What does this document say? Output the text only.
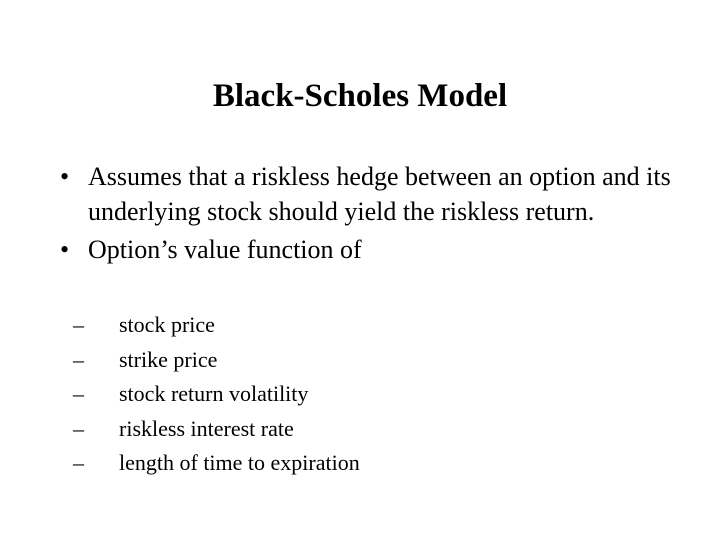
Black-Scholes Model
• Assumes that a riskless hedge between an option and its underlying stock should yield the riskless return.
• Option’s value function of
–	stock price
–	strike price
–	stock return volatility
–	riskless interest rate
–	length of time to expiration
